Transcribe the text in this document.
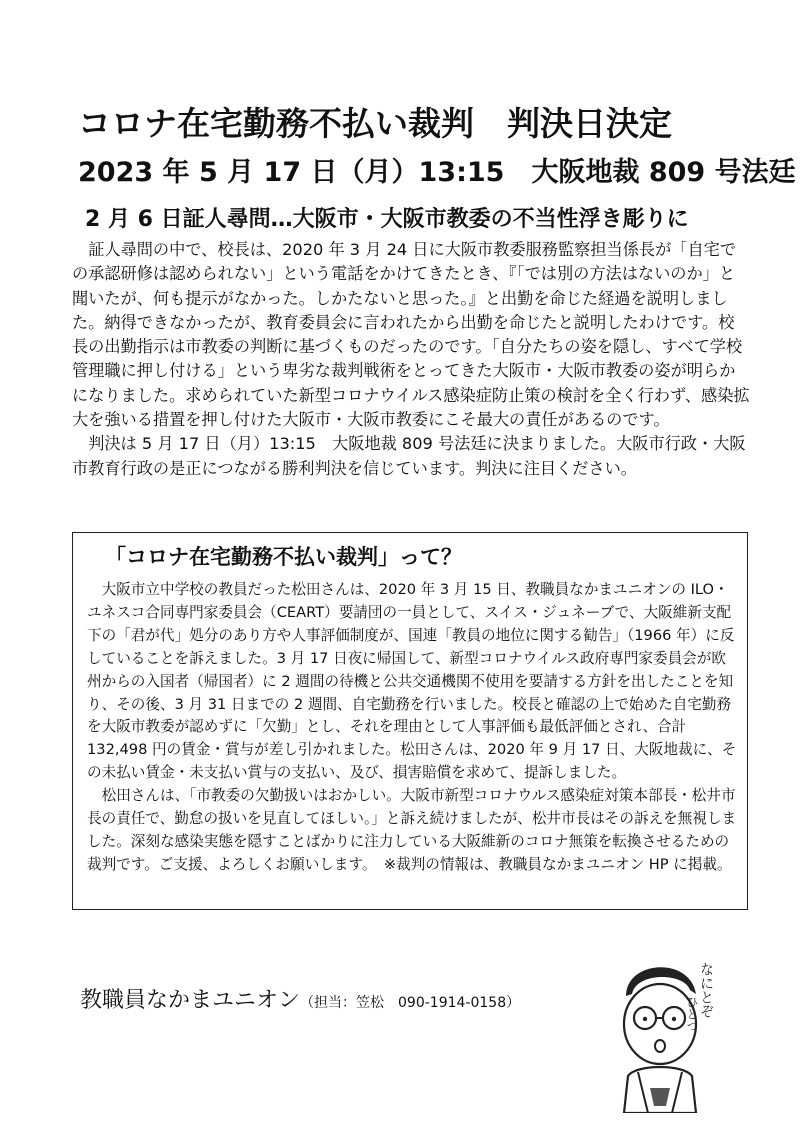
コロナ在宅勤務不払い裁判　判決日決定
2023 年 5 月 17 日（月）13:15　大阪地裁 809 号法廷
2 月 6 日証人尋問…大阪市・大阪市教委の不当性浮き彫りに

証人尋問の中で、校長は、2020 年 3 月 24 日に大阪市教委服務監察担当係長が「自宅での承認研修は認められない」という電話をかけてきたとき、『「では別の方法はないのか」と聞いたが、何も提示がなかった。しかたないと思った。』と出勤を命じた経過を説明しました。納得できなかったが、教育委員会に言われたから出勤を命じたと説明したわけです。校長の出勤指示は市教委の判断に基づくものだったのです。「自分たちの姿を隠し、すべて学校管理職に押し付ける」という卑劣な裁判戦術をとってきた大阪市・大阪市教委の姿が明らかになりました。求められていた新型コロナウイルス感染症防止策の検討を全く行わず、感染拡大を強いる措置を押し付けた大阪市・大阪市教委にこそ最大の責任があるのです。

判決は 5 月 17 日（月）13:15　大阪地裁 809 号法廷に決まりました。大阪市行政・大阪市教育行政の是正につながる勝利判決を信じています。判決に注目ください。

「コロナ在宅勤務不払い裁判」って？

大阪市立中学校の教員だった松田さんは、2020 年 3 月 15 日、教職員なかまユニオンの ILO・ユネスコ合同専門家委員会（CEART）要請団の一員として、スイス・ジュネーブで、大阪維新支配下の「君が代」処分のあり方や人事評価制度が、国連「教員の地位に関する勧告」（1966 年）に反していることを訴えました。3 月 17 日夜に帰国して、新型コロナウイルス政府専門家委員会が欧州からの入国者（帰国者）に 2 週間の待機と公共交通機関不使用を要請する方針を出したことを知り、その後、3 月 31 日までの 2 週間、自宅勤務を行いました。校長と確認の上で始めた自宅勤務を大阪市教委が認めずに「欠勤」とし、それを理由として人事評価も最低評価とされ、合計 132,498 円の賃金・賞与が差し引かれました。松田さんは、2020 年 9 月 17 日、大阪地裁に、その未払い賃金・未支払い賞与の支払い、及び、損害賠償を求めて、提訴しました。

松田さんは、「市教委の欠勤扱いはおかしい。大阪市新型コロナウルス感染症対策本部長・松井市長の責任で、勤怠の扱いを見直してほしい。」と訴え続けましたが、松井市長はその訴えを無視しました。深刻な感染実態を隠すことばかりに注力している大阪維新のコロナ無策を転換させるための裁判です。ご支援、よろしくお願いします。　※裁判の情報は、教職員なかまユニオン HP に掲載。

教職員なかまユニオン（担当：笠松　090-1914-0158）	なにとぞ
ひとつ
